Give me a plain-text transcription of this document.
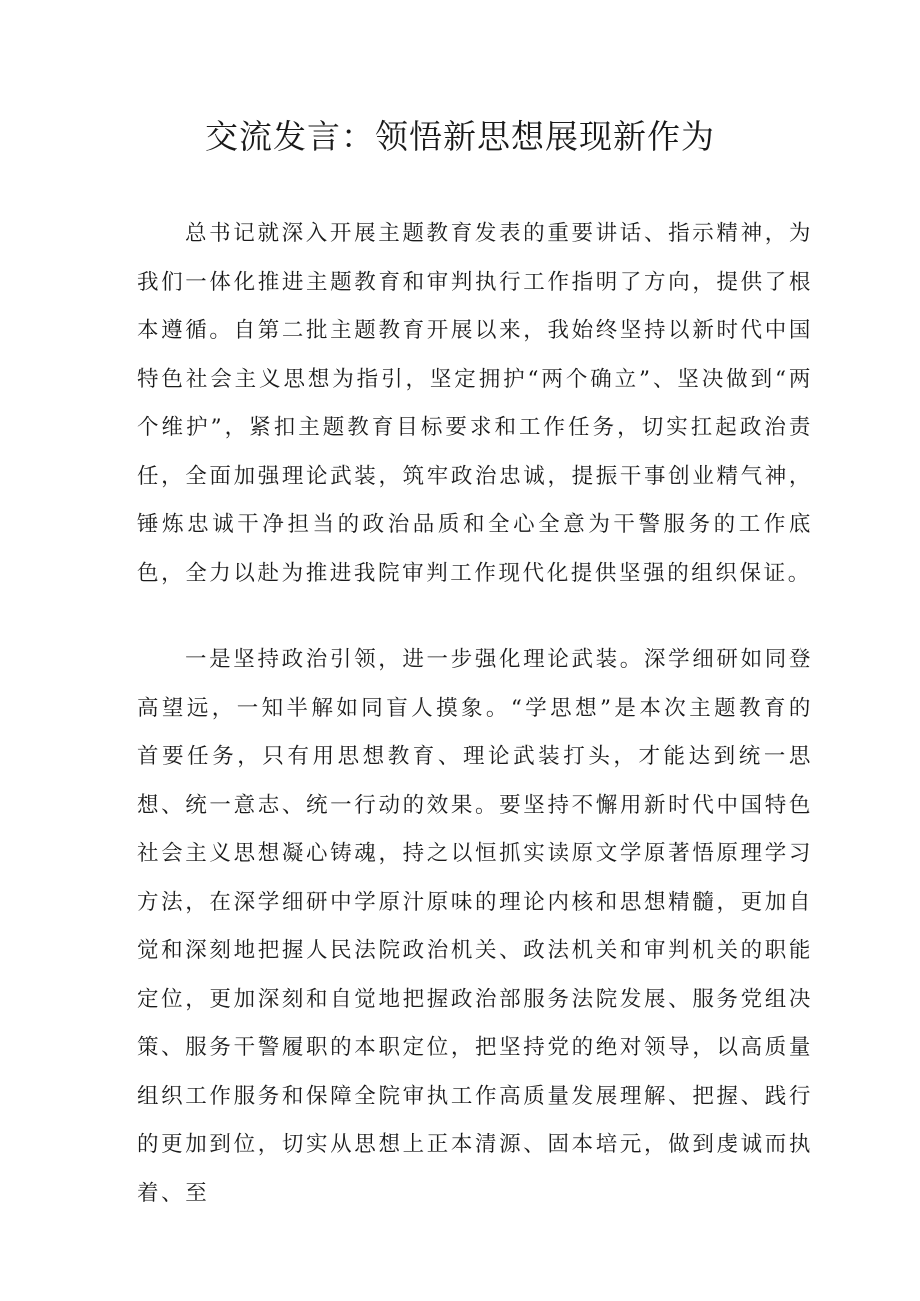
交流发言：领悟新思想展现新作为

总书记就深入开展主题教育发表的重要讲话、指示精神，为我们一体化推进主题教育和审判执行工作指明了方向，提供了根本遵循。自第二批主题教育开展以来，我始终坚持以新时代中国特色社会主义思想为指引，坚定拥护“两个确立”、坚决做到“两个维护”，紧扣主题教育目标要求和工作任务，切实扛起政治责任，全面加强理论武装，筑牢政治忠诚，提振干事创业精气神，锤炼忠诚干净担当的政治品质和全心全意为干警服务的工作底色，全力以赴为推进我院审判工作现代化提供坚强的组织保证。

一是坚持政治引领，进一步强化理论武装。深学细研如同登高望远，一知半解如同盲人摸象。“学思想”是本次主题教育的首要任务，只有用思想教育、理论武装打头，才能达到统一思想、统一意志、统一行动的效果。要坚持不懈用新时代中国特色社会主义思想凝心铸魂，持之以恒抓实读原文学原著悟原理学习方法，在深学细研中学原汁原味的理论内核和思想精髓，更加自觉和深刻地把握人民法院政治机关、政法机关和审判机关的职能定位，更加深刻和自觉地把握政治部服务法院发展、服务党组决策、服务干警履职的本职定位，把坚持党的绝对领导，以高质量组织工作服务和保障全院审执工作高质量发展理解、把握、践行的更加到位，切实从思想上正本清源、固本培元，做到虔诚而执着、至
